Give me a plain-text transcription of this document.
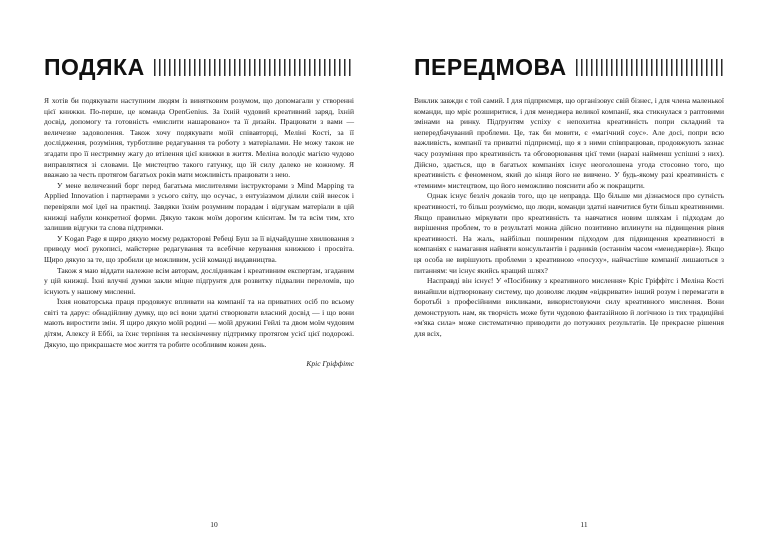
ПОДЯКА

Я хотів би подякувати наступним людям із винятковим розумом, що допомагали у створенні цієї книжки. По-перше, це команда OpenGenius. За їхній чудовий креативний заряд, їхній досвід, допомогу та готовність «мислити нашаровано» та її дизайн. Працювати з вами — величезне задоволення. Також хочу подякувати моїй співавторці, Меліні Кості, за її дослідження, розуміння, турботливе редагування та роботу з матеріалами. Не можу також не згадати про її нестримну жагу до втілення цієї книжки в життя. Меліна володіє магією чудово виправлятися зі словами. Це мистецтво такого гатунку, що їй силу далеко не кожному. Я вважаю за честь протягом багатьох років мати можливість працювати з нею.

У мене величезний борг перед багатьма мислителями інструкторами з Mind Mapping та Applied Innovation і партнерами з усього світу, що осучас, з ентузіазмом ділили свій внесок і перевіряли мої ідеї на практиці. Завдяки їхнім розумним порадам і відгукам матеріали в цій книжці набули конкретної форми. Дякую також моїм дорогим клієнтам. Їм та всім тим, хто залишив відгуки та слова підтримки.

У Kogan Page я щиро дякую моєму редакторові Ребеці Буш за її відчайдушне хвилювання з приводу моєї рукописі, майстерне редагування та всебічне керування книжкою і просвіта. Щиро дякую за те, що зробили це можливим, усій команді видавництва.

Також я маю віддати належне всім авторам, дослідникам і креативним експертам, згаданим у цій книжці. Їхні влучні думки закли міцне підґрунтя для розвитку підвалин переломів, що існують у нашому мисленні.

Їхня новаторська праця продовжує впливати на компанії та на приватних осіб по всьому світі та дарує: обнадійливу думку, що всі вони здатні створювати власний досвід — і що вони мають виростити змін. Я щиро дякую моїй родині — моїй дружині Гейлі та двом моїм чудовим дітям, Алексу й Еббі, за їхнє терпіння та нескінченну підтримку протягом усієї цієї подорожі. Дякую, що прикрашаєте моє життя та робите особливим кожен день.

Кріс Гріффітс

10
ПЕРЕДМОВА

Виклик завжди є той самий. І для підприємця, що організовує свій бізнес, і для члена маленької команди, що мріє розширитися, і для менеджера великої компанії, яка стикнулася з раптовими змінами на ринку. Підґрунтям успіху є непохитна креативність попри складний та непередбачуваний проблеми. Це, так би мовити, є «магічний соус». Але досі, попри всю важливість, компанії та приватні підприємці, що я з ними співпрацював, продовжують зазнає часу розуміння про креативність та обговорювання цієї теми (наразі найменш успішні з них). Дійсно, здається, що в багатьох компаніях існує неоголошена угода стосовно того, що креативність є феноменом, який до кінця його не вивчено. У будь-якому разі креативність є «темним» мистецтвом, що його неможливо пояснити або ж покращити.

Однак існує безліч доказів того, що це неправда. Що більше ми дізнаємося про сутність креативності, то більш розуміємо, що люди, команди здатні навчитися бути більш креативними. Якщо правильно міркувати про креативність та навчатися новим шляхам і підходам до вирішення проблем, то в результаті можна дійсно позитивно вплинути на підвищення рівня креативності. На жаль, найбільш поширеним підходом для підвищення креативності в компаніях є намагання найняти консультантів і радників (останнім часом «менеджерів»). Якщо ця особа не вирішують проблеми з креативною «посуху», найчастіше компанії лишаються з питанням: чи існує якийсь кращий шлях?

Насправді він існує! У «Посібнику з креативного мислення» Кріс Гріффітс і Меліна Кості винайшли відтворювану систему, що дозволяє людям «відкривати» інший розум і перемагати в боротьбі з професійними викликами, використовуючи силу креативного мислення. Вони демонструють нам, як творчість може бути чудовою фантазійною й логічною із тих традиційні «м'яка сила» може систематично приводити до потужних результатів. Це прекрасне рішення для всіх,

11
